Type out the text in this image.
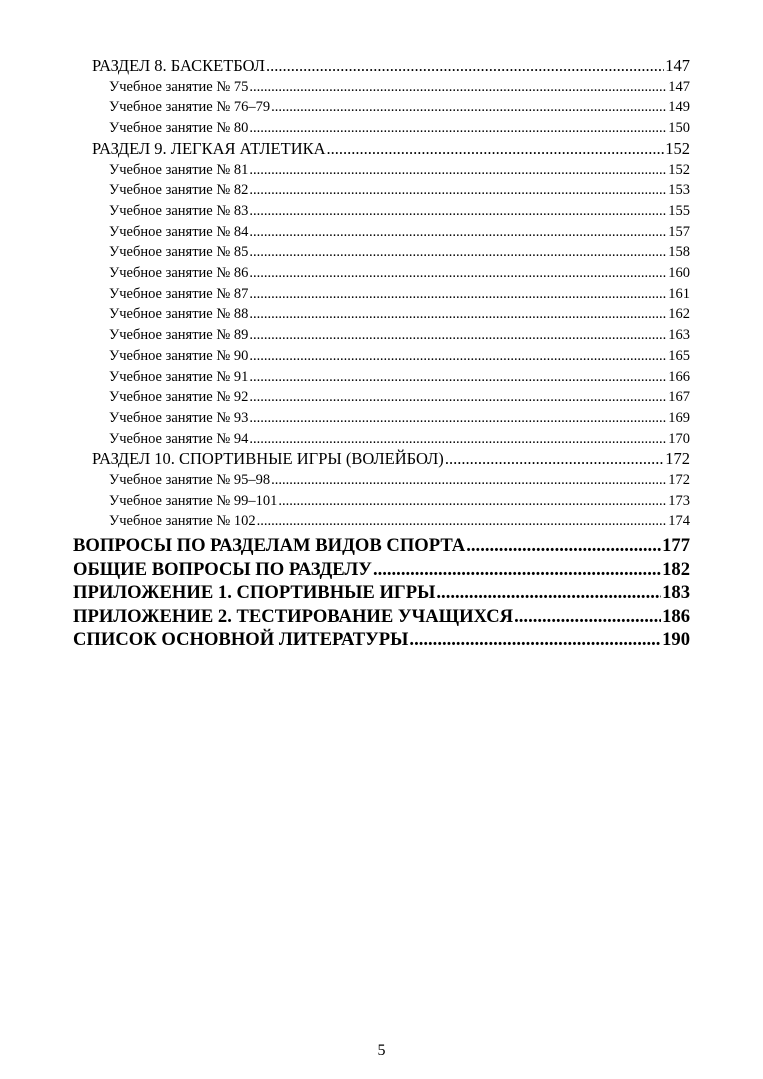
РАЗДЕЛ 8. БАСКЕТБОЛ .....	147
Учебное занятие № 75 .....	147
Учебное занятие № 76–79 .....	149
Учебное занятие № 80 .....	150
РАЗДЕЛ 9. ЛЕГКАЯ АТЛЕТИКА .....	152
Учебное занятие № 81 .....	152
Учебное занятие № 82 .....	153
Учебное занятие № 83 .....	155
Учебное занятие № 84 .....	157
Учебное занятие № 85 .....	158
Учебное занятие № 86 .....	160
Учебное занятие № 87 .....	161
Учебное занятие № 88 .....	162
Учебное занятие № 89 .....	163
Учебное занятие № 90 .....	165
Учебное занятие № 91 .....	166
Учебное занятие № 92 .....	167
Учебное занятие № 93 .....	169
Учебное занятие № 94 .....	170
РАЗДЕЛ 10. СПОРТИВНЫЕ ИГРЫ (ВОЛЕЙБОЛ) .....	172
Учебное занятие № 95–98 .....	172
Учебное занятие № 99–101 .....	173
Учебное занятие № 102 .....	174
ВОПРОСЫ ПО РАЗДЕЛАМ ВИДОВ СПОРТА .....	177
ОБЩИЕ ВОПРОСЫ ПО РАЗДЕЛУ .....	182
ПРИЛОЖЕНИЕ 1. СПОРТИВНЫЕ ИГРЫ .....	183
ПРИЛОЖЕНИЕ 2. ТЕСТИРОВАНИЕ УЧАЩИХСЯ .....	186
СПИСОК ОСНОВНОЙ ЛИТЕРАТУРЫ .....	190
5
